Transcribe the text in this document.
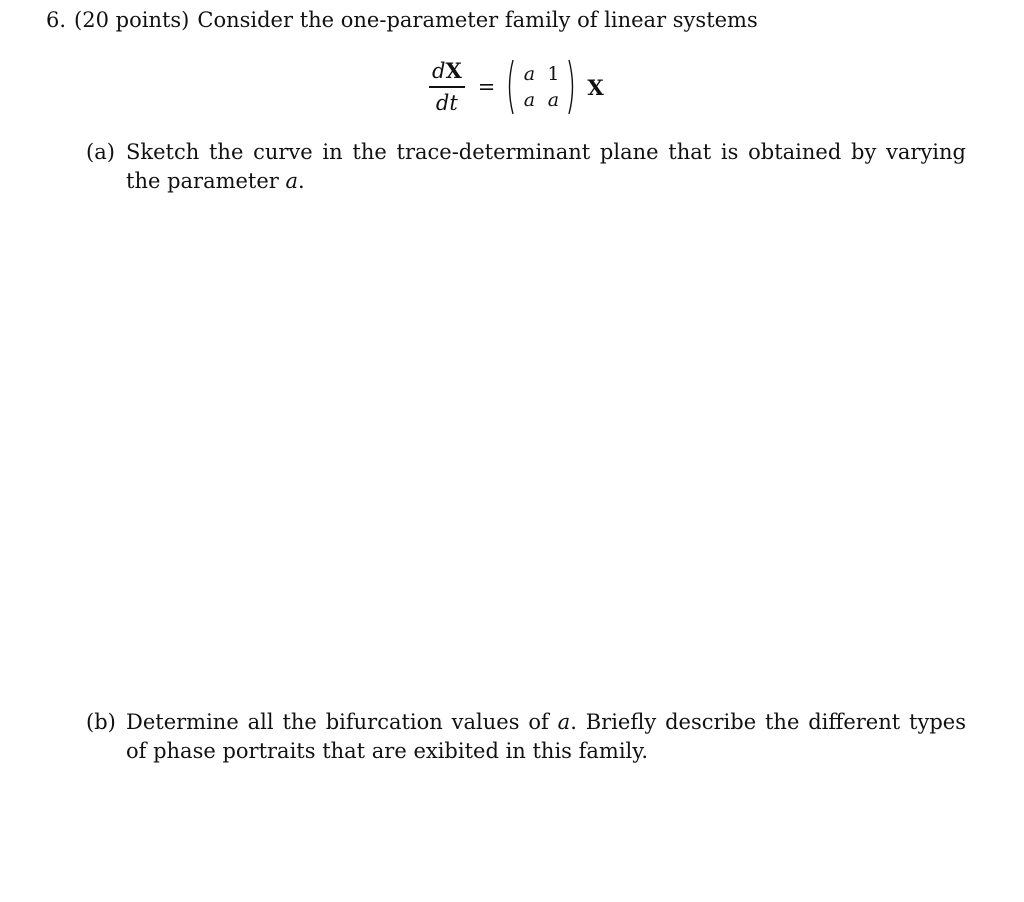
6. (20 points) Consider the one-parameter family of linear systems
$\frac{dX}{dt}$ =
a 1
a a
X
(a) Sketch the curve in the trace-determinant plane that is obtained by varying the parameter a.
(b) Determine all the bifurcation values of a. Briefly describe the different types of phase portraits that are exibited in this family.
